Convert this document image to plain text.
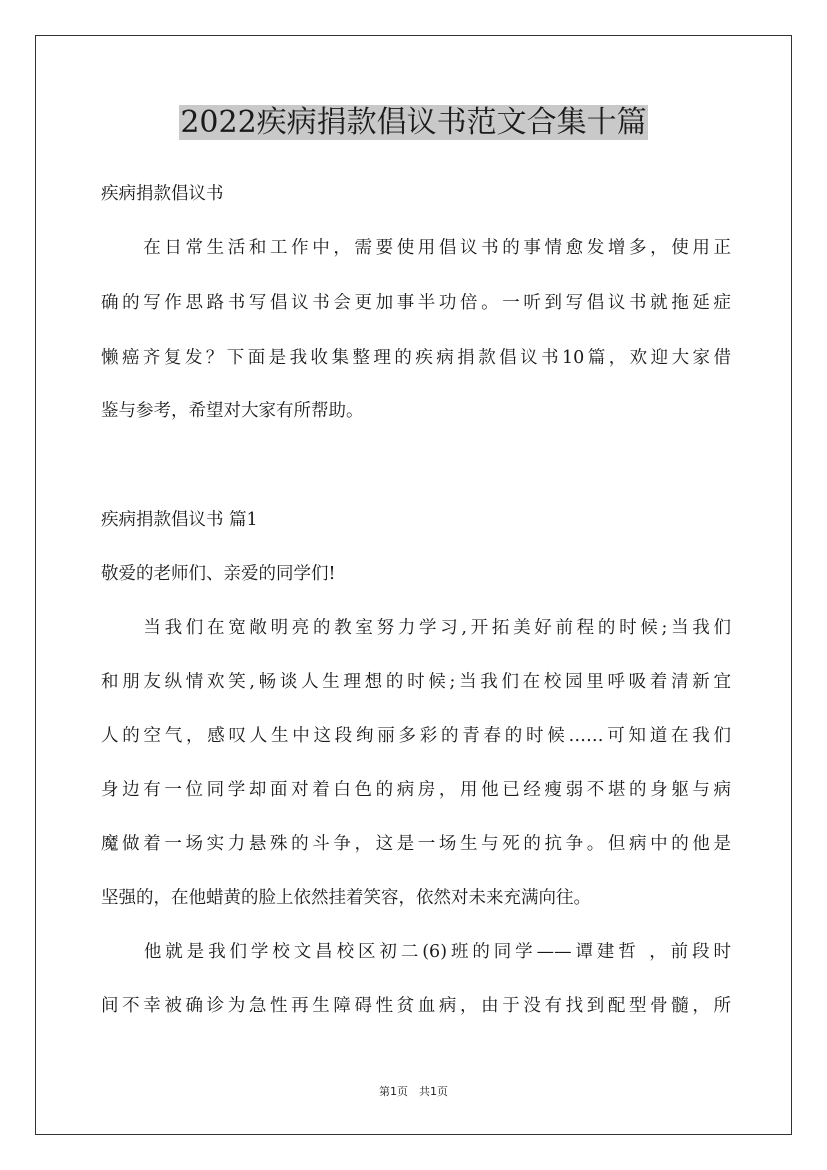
2022疾病捐款倡议书范文合集十篇

疾病捐款倡议书

　　在日常生活和工作中，需要使用倡议书的事情愈发增多，使用正

确的写作思路书写倡议书会更加事半功倍。一听到写倡议书就拖延症

懒癌齐复发？下面是我收集整理的疾病捐款倡议书10篇，欢迎大家借

鉴与参考，希望对大家有所帮助。

疾病捐款倡议书 篇1

敬爱的老师们、亲爱的同学们!

　　当我们在宽敞明亮的教室努力学习,开拓美好前程的时候;当我们

和朋友纵情欢笑,畅谈人生理想的时候;当我们在校园里呼吸着清新宜

人的空气，感叹人生中这段绚丽多彩的青春的时候……可知道在我们

身边有一位同学却面对着白色的病房，用他已经瘦弱不堪的身躯与病

魔做着一场实力悬殊的斗争，这是一场生与死的抗争。但病中的他是

坚强的，在他蜡黄的脸上依然挂着笑容，依然对未来充满向往。

　　他就是我们学校文昌校区初二(6)班的同学——谭建哲 ，前段时

间不幸被确诊为急性再生障碍性贫血病，由于没有找到配型骨髓，所

第1页　共1页
